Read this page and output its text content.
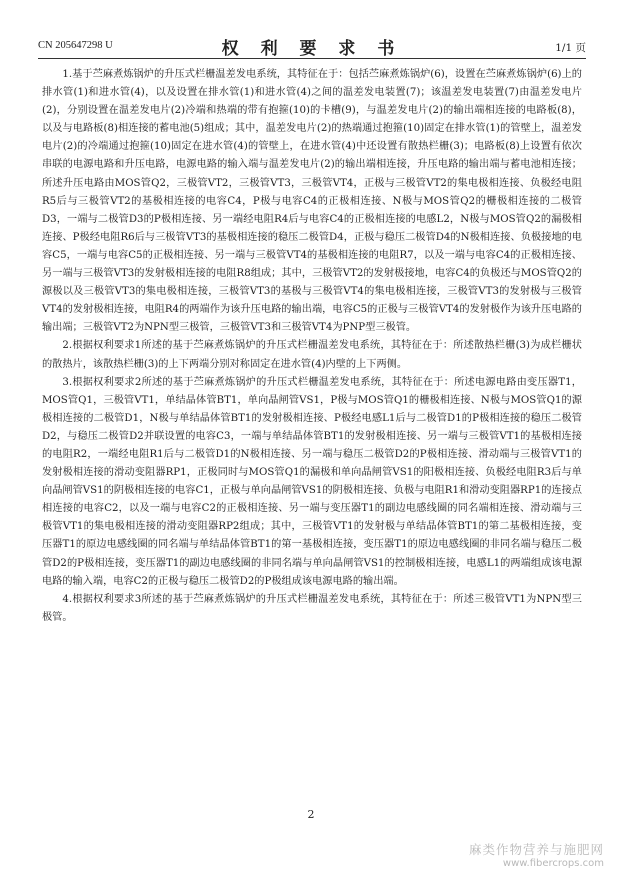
CN 205647298 U	权 利 要 求 书	1/1 页

1.基于苎麻煮炼锅炉的升压式栏栅温差发电系统，其特征在于：包括苎麻煮炼锅炉(6)，设置在苎麻煮炼锅炉(6)上的排水管(1)和进水管(4)，以及设置在排水管(1)和进水管(4)之间的温差发电装置(7)；该温差发电装置(7)由温差发电片(2)，分别设置在温差发电片(2)冷端和热端的带有抱箍(10)的卡槽(9)，与温差发电片(2)的输出端相连接的电路板(8)，以及与电路板(8)相连接的蓄电池(5)组成；其中，温差发电片(2)的热端通过抱箍(10)固定在排水管(1)的管壁上，温差发电片(2)的冷端通过抱箍(10)固定在进水管(4)的管壁上，在进水管(4)中还设置有散热栏栅(3)；电路板(8)上设置有依次串联的电源电路和升压电路，电源电路的输入端与温差发电片(2)的输出端相连接，升压电路的输出端与蓄电池相连接；所述升压电路由MOS管Q2，三极管VT2，三极管VT3，三极管VT4，正极与三极管VT2的集电极相连接、负极经电阻R5后与三极管VT2的基极相连接的电容C4，P极与电容C4的正极相连接、N极与MOS管Q2的栅极相连接的二极管D3，一端与二极管D3的P极相连接、另一端经电阻R4后与电容C4的正极相连接的电感L2，N极与MOS管Q2的漏极相连接、P极经电阻R6后与三极管VT3的基极相连接的稳压二极管D4，正极与稳压二极管D4的N极相连接、负极接地的电容C5，一端与电容C5的正极相连接、另一端与三极管VT4的基极相连接的电阻R7，以及一端与电容C4的正极相连接、另一端与三极管VT3的发射极相连接的电阻R8组成；其中，三极管VT2的发射极接地，电容C4的负极还与MOS管Q2的源极以及三极管VT3的集电极相连接，三极管VT3的基极与三极管VT4的集电极相连接，三极管VT3的发射极与三极管VT4的发射极相连接，电阻R4的两端作为该升压电路的输出端，电容C5的正极与三极管VT4的发射极作为该升压电路的输出端；三极管VT2为NPN型三极管，三极管VT3和三极管VT4为PNP型三极管。

2.根据权利要求1所述的基于苎麻煮炼锅炉的升压式栏栅温差发电系统，其特征在于：所述散热栏栅(3)为成栏栅状的散热片，该散热栏栅(3)的上下两端分别对称固定在进水管(4)内壁的上下两侧。

3.根据权利要求2所述的基于苎麻煮炼锅炉的升压式栏栅温差发电系统，其特征在于：所述电源电路由变压器T1，MOS管Q1，三极管VT1，单结晶体管BT1，单向晶闸管VS1，P极与MOS管Q1的栅极相连接、N极与MOS管Q1的源极相连接的二极管D1，N极与单结晶体管BT1的发射极相连接、P极经电感L1后与二极管D1的P极相连接的稳压二极管D2，与稳压二极管D2并联设置的电容C3，一端与单结晶体管BT1的发射极相连接、另一端与三极管VT1的基极相连接的电阻R2，一端经电阻R1后与二极管D1的N极相连接、另一端与稳压二极管D2的P极相连接、滑动端与三极管VT1的发射极相连接的滑动变阻器RP1，正极同时与MOS管Q1的漏极和单向晶闸管VS1的阳极相连接、负极经电阻R3后与单向晶闸管VS1的阴极相连接的电容C1，正极与单向晶闸管VS1的阴极相连接、负极与电阻R1和滑动变阻器RP1的连接点相连接的电容C2，以及一端与电容C2的正极相连接、另一端与变压器T1的副边电感线圈的同名端相连接、滑动端与三极管VT1的集电极相连接的滑动变阻器RP2组成；其中，三极管VT1的发射极与单结晶体管BT1的第二基极相连接，变压器T1的原边电感线圈的同名端与单结晶体管BT1的第一基极相连接，变压器T1的原边电感线圈的非同名端与稳压二极管D2的P极相连接，变压器T1的副边电感线圈的非同名端与单向晶闸管VS1的控制极相连接，电感L1的两端组成该电源电路的输入端，电容C2的正极与稳压二极管D2的P极组成该电源电路的输出端。

4.根据权利要求3所述的基于苎麻煮炼锅炉的升压式栏栅温差发电系统，其特征在于：所述三极管VT1为NPN型三极管。

2
麻类作物营养与施肥网
www.fibercrops.com
